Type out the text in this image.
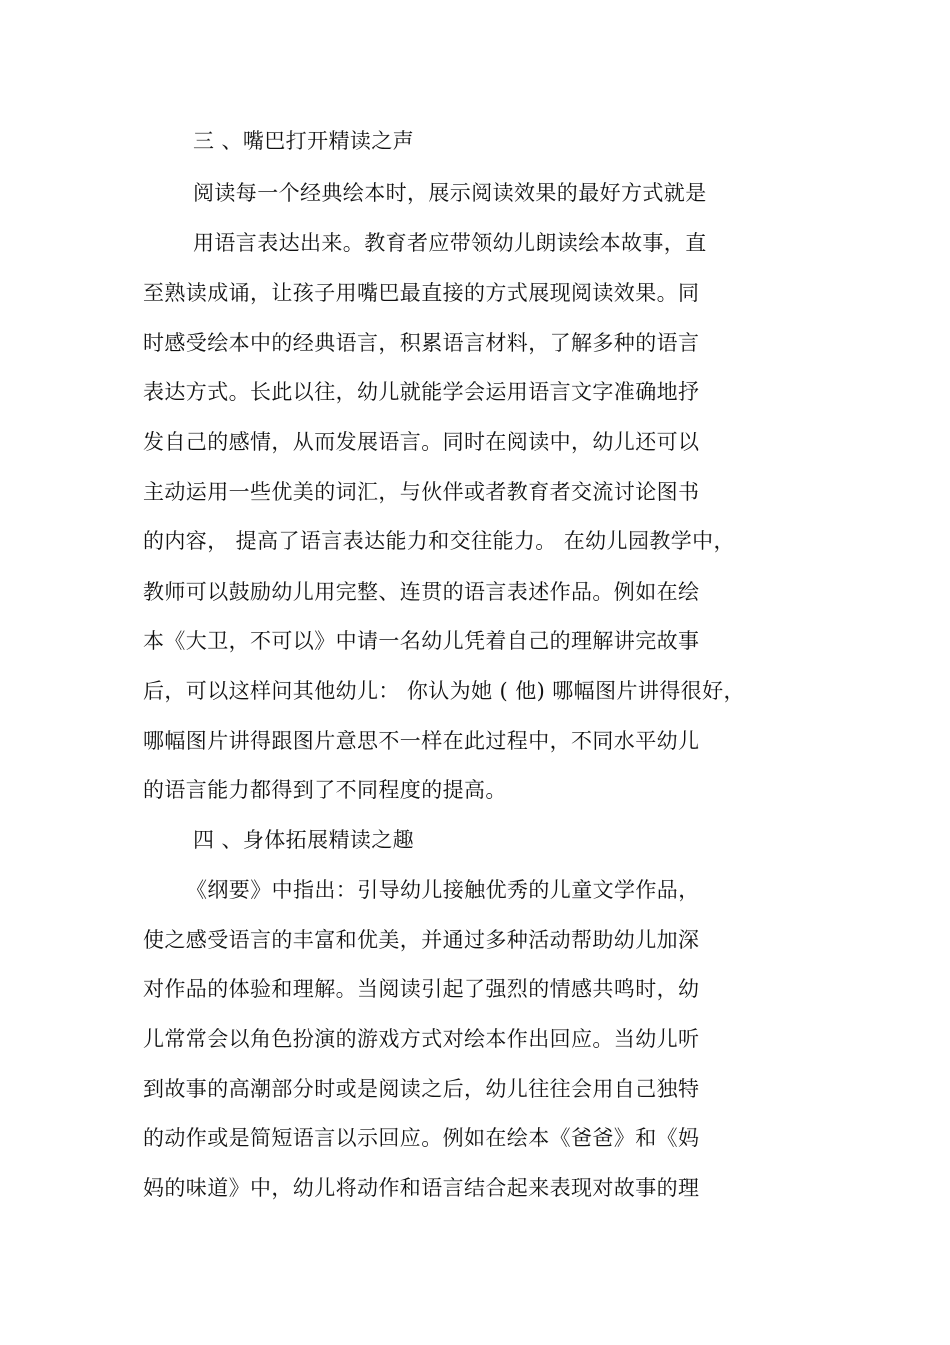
三 、嘴巴打开精读之声

阅读每一个经典绘本时，展示阅读效果的最好方式就是

用语言表达出来。教育者应带领幼儿朗读绘本故事，直

至熟读成诵，让孩子用嘴巴最直接的方式展现阅读效果。同

时感受绘本中的经典语言，积累语言材料，了解多种的语言

表达方式。长此以往，幼儿就能学会运用语言文字准确地抒

发自己的感情，从而发展语言。同时在阅读中，幼儿还可以

主动运用一些优美的词汇，与伙伴或者教育者交流讨论图书

的内容， 提高了语言表达能力和交往能力。 在幼儿园教学中，

教师可以鼓励幼儿用完整、连贯的语言表述作品。例如在绘

本《大卫，不可以》中请一名幼儿凭着自己的理解讲完故事

后，可以这样问其他幼儿： 你认为她 ( 他) 哪幅图片讲得很好，

哪幅图片讲得跟图片意思不一样在此过程中，不同水平幼儿

的语言能力都得到了不同程度的提高。

四 、身体拓展精读之趣

《纲要》中指出：引导幼儿接触优秀的儿童文学作品，

使之感受语言的丰富和优美，并通过多种活动帮助幼儿加深

对作品的体验和理解。当阅读引起了强烈的情感共鸣时，幼

儿常常会以角色扮演的游戏方式对绘本作出回应。当幼儿听

到故事的高潮部分时或是阅读之后，幼儿往往会用自己独特

的动作或是简短语言以示回应。例如在绘本《爸爸》和《妈

妈的味道》中，幼儿将动作和语言结合起来表现对故事的理
